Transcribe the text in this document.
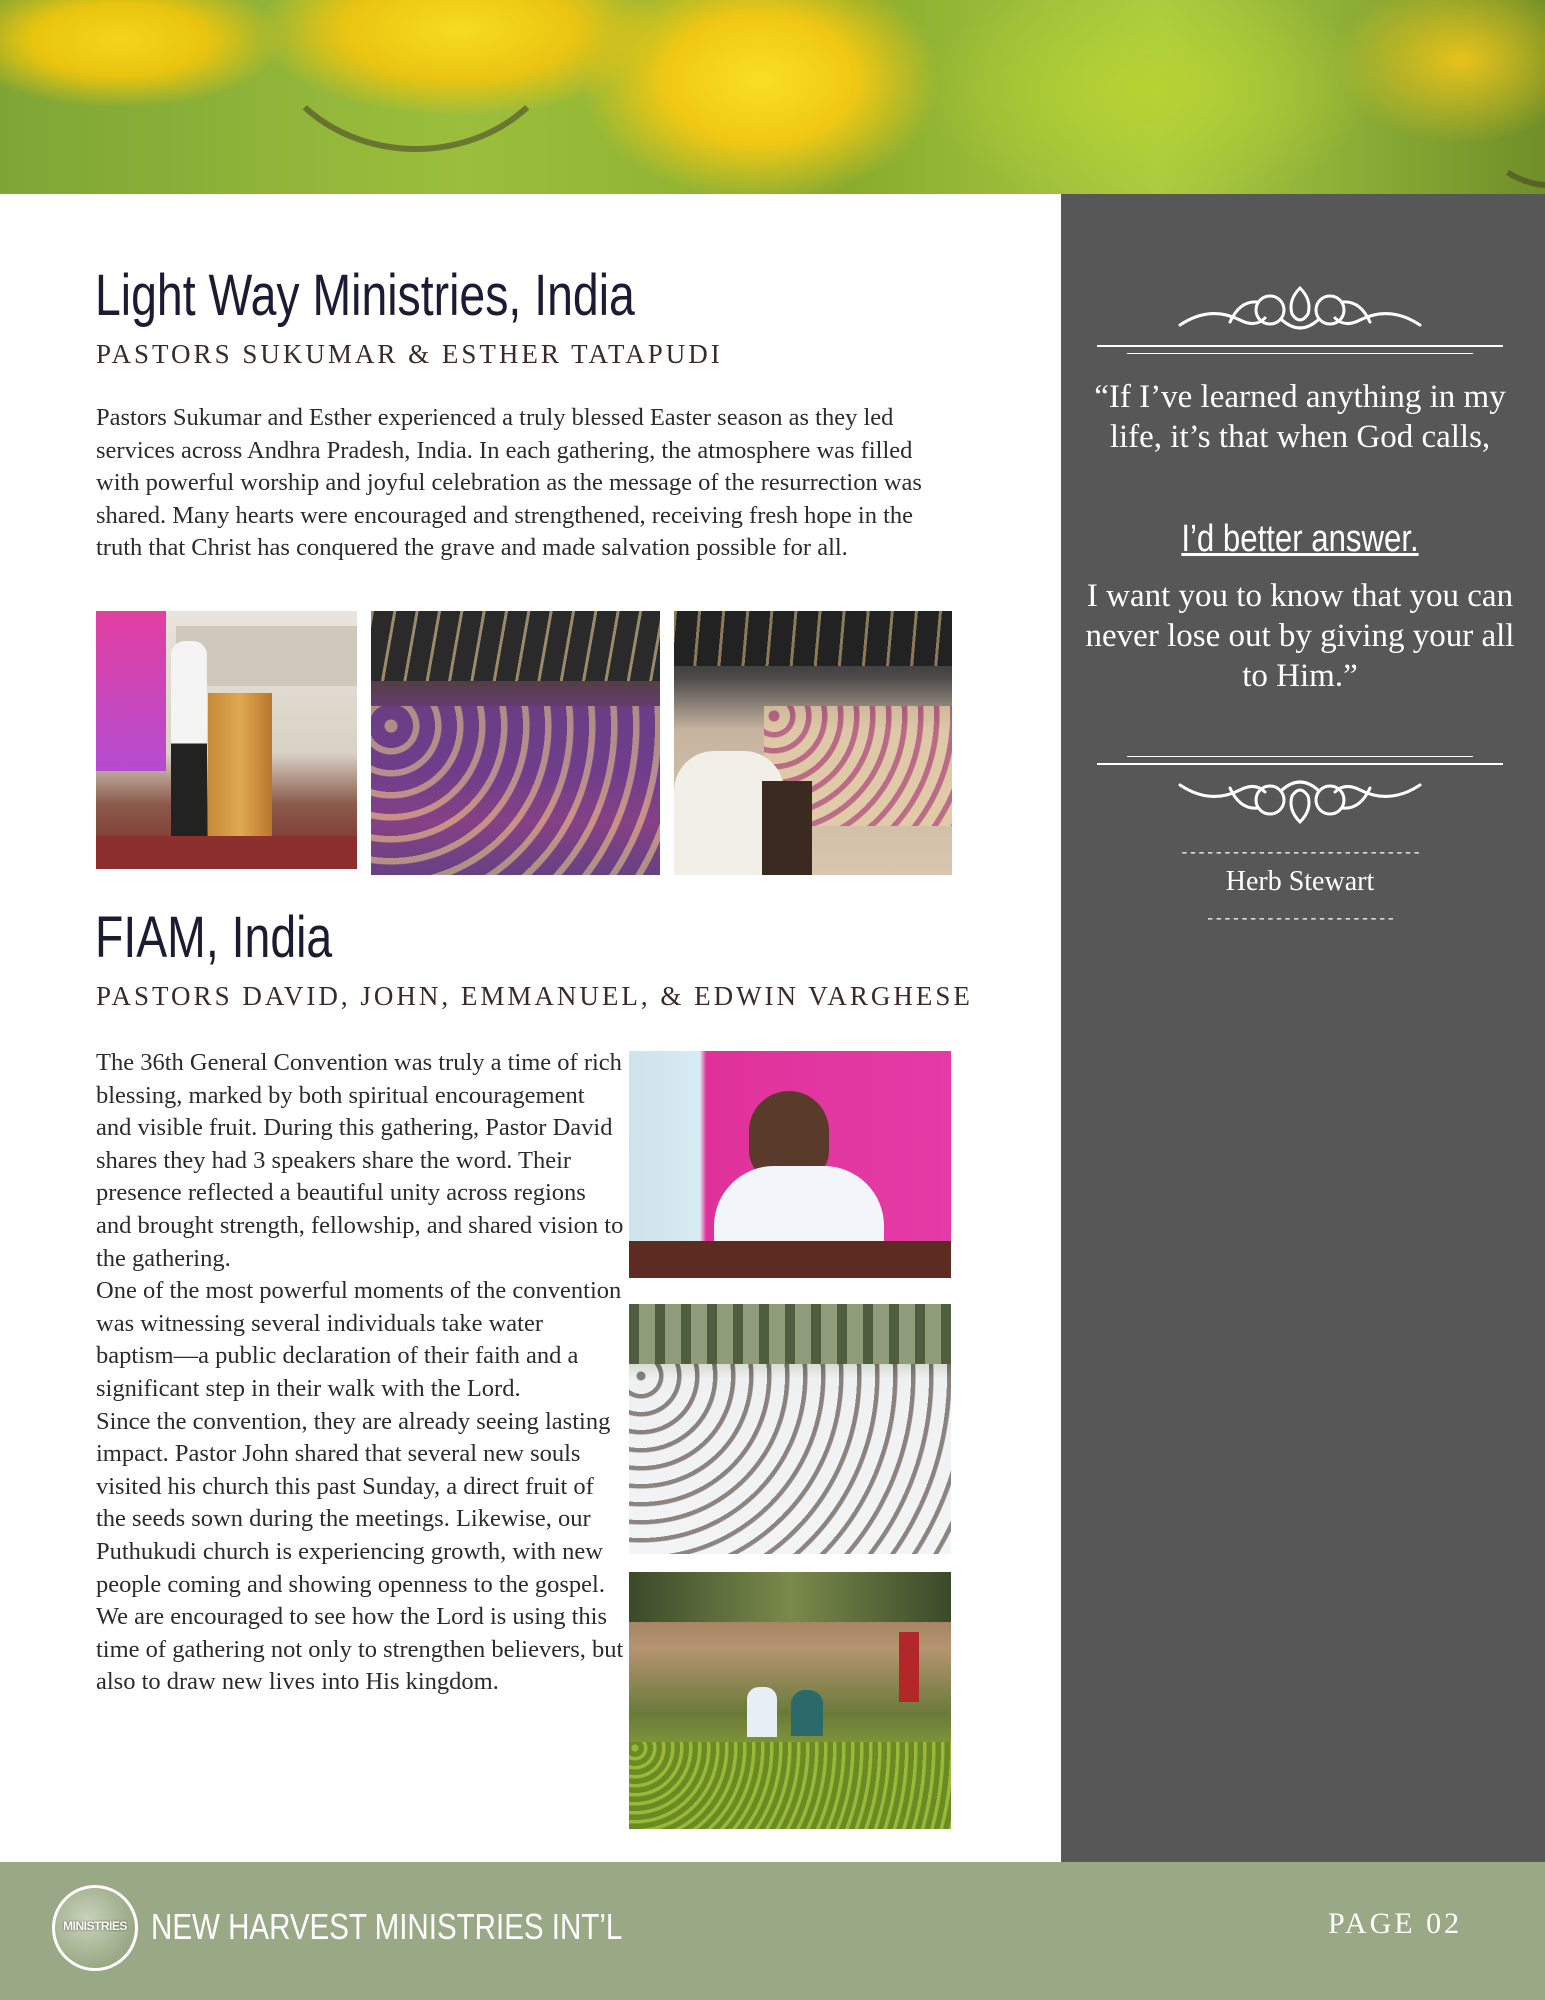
“If I’ve learned anything in my life, it’s that when God calls,
I’d better answer.
I want you to know that you can never lose out by giving your all to Him.”
----------------------------
Herb Stewart
----------------------
Light Way Ministries, India
PASTORS SUKUMAR & ESTHER TATAPUDI

Pastors Sukumar and Esther experienced a truly blessed Easter season as they led services across Andhra Pradesh, India. In each gathering, the atmosphere was filled with powerful worship and joyful celebration as the message of the resurrection was shared. Many hearts were encouraged and strengthened, receiving fresh hope in the truth that Christ has conquered the grave and made salvation possible for all.

FIAM, India
PASTORS DAVID, JOHN, EMMANUEL, & EDWIN VARGHESE

The 36th General Convention was truly a time of rich blessing, marked by both spiritual encouragement and visible fruit. During this gathering, Pastor David shares they had 3 speakers share the word. Their presence reflected a beautiful unity across regions and brought strength, fellowship, and shared vision to the gathering.

One of the most powerful moments of the convention was witnessing several individuals take water baptism—a public declaration of their faith and a significant step in their walk with the Lord.

Since the convention, they are already seeing lasting impact. Pastor John shared that several new souls visited his church this past Sunday, a direct fruit of the seeds sown during the meetings. Likewise, our Puthukudi church is experiencing growth, with new people coming and showing openness to the gospel. We are encouraged to see how the Lord is using this time of gathering not only to strengthen believers, but also to draw new lives into His kingdom.

MINISTRIES NEW HARVEST MINISTRIES INT’L	PAGE 02
